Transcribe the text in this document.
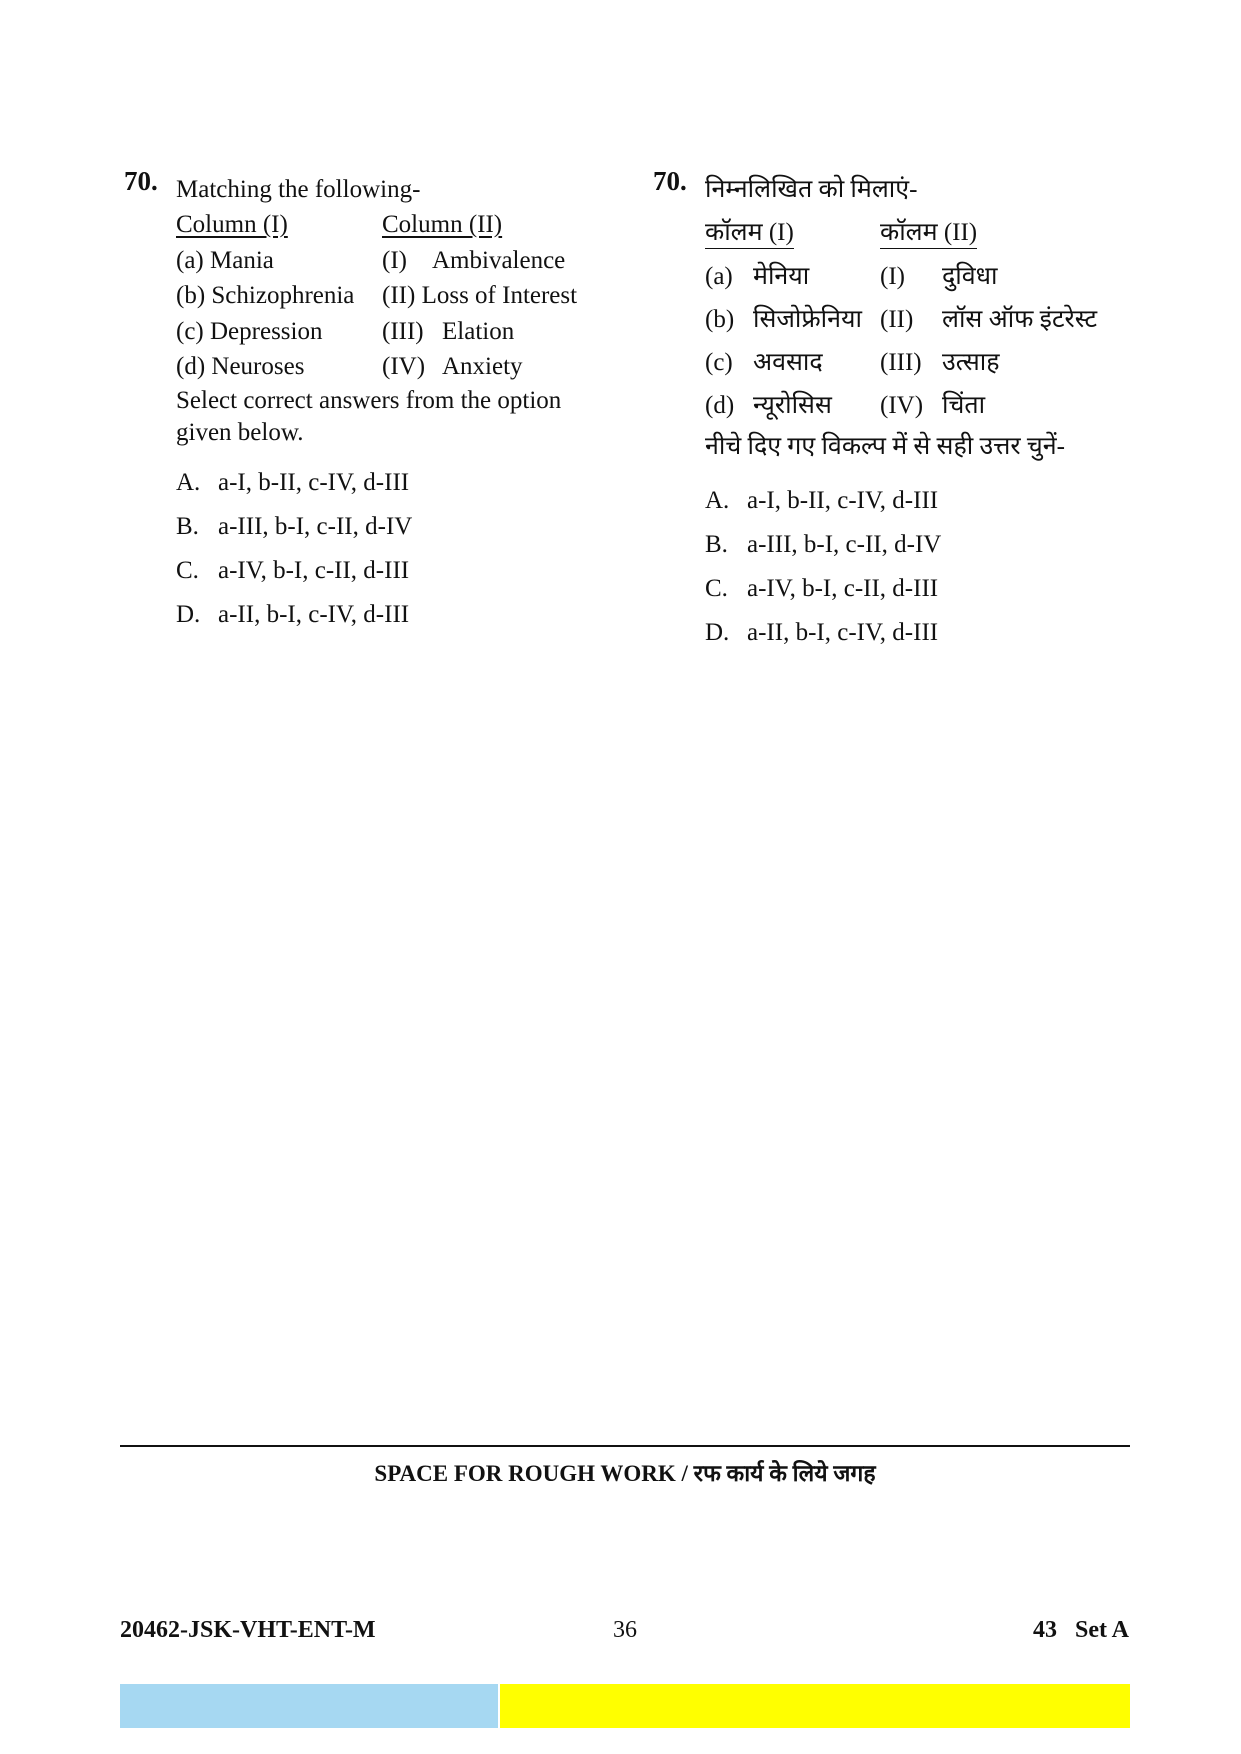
70. Matching the following-
Column (I)	Column (II)
(a) Mania	(I) Ambivalence
(b) Schizophrenia	(II) Loss of Interest
(c) Depression	(III) Elation
(d) Neuroses	(IV) Anxiety
Select correct answers from the option given below.
A. a-I, b-II, c-IV, d-III
B. a-III, b-I, c-II, d-IV
C. a-IV, b-I, c-II, d-III
D. a-II, b-I, c-IV, d-III
70. निम्नलिखित को मिलाएं-
कॉलम (I)	कॉलम (II)
(a) मेनिया	(I) दुविधा
(b) सिजोफ्रेनिया	(II) लॉस ऑफ इंटरेस्ट
(c) अवसाद	(III) उत्साह
(d) न्यूरोसिस	(IV) चिंता
नीचे दिए गए विकल्प में से सही उत्तर चुनें-
A. a-I, b-II, c-IV, d-III
B. a-III, b-I, c-II, d-IV
C. a-IV, b-I, c-II, d-III
D. a-II, b-I, c-IV, d-III
SPACE FOR ROUGH WORK / रफ कार्य के लिये जगह
20462-JSK-VHT-ENT-M	36	43   Set A
